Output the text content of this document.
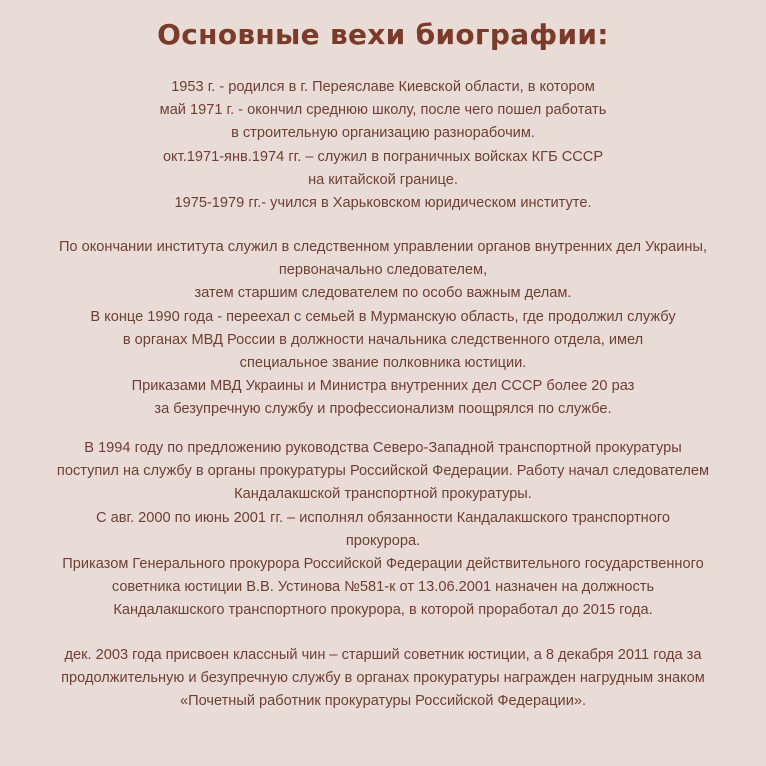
Основные вехи биографии:
1953 г. - родился в г. Переяславе Киевской области, в котором
май 1971 г. - окончил среднюю школу, после чего пошел работать
в строительную организацию разнорабочим.
окт.1971-янв.1974 гг. – служил в пограничных войсках КГБ СССР
на китайской границе.
1975-1979 гг.- учился в Харьковском юридическом институте.
По окончании института служил в следственном управлении органов внутренних дел Украины,
первоначально следователем,
затем старшим следователем по особо важным делам.
В конце 1990 года - переехал с семьей в Мурманскую область, где продолжил службу
в органах МВД России в должности начальника следственного отдела, имел
специальное звание полковника юстиции.
Приказами МВД Украины и Министра внутренних дел СССР более 20 раз
за безупречную службу и профессионализм поощрялся по службе.
В 1994 году по предложению руководства Северо-Западной транспортной прокуратуры
поступил на службу в органы прокуратуры Российской Федерации. Работу начал следователем
Кандалакшской транспортной прокуратуры.
С авг. 2000 по июнь 2001 гг. – исполнял обязанности Кандалакшского транспортного
прокурора.
Приказом Генерального прокурора Российской Федерации действительного государственного
советника юстиции В.В. Устинова №581-к от 13.06.2001 назначен на должность
Кандалакшского транспортного прокурора, в которой проработал до 2015 года.
дек. 2003 года присвоен классный чин – старший советник юстиции, а 8 декабря 2011 года за
продолжительную и безупречную службу в органах прокуратуры награжден нагрудным знаком
«Почетный работник прокуратуры Российской Федерации».
